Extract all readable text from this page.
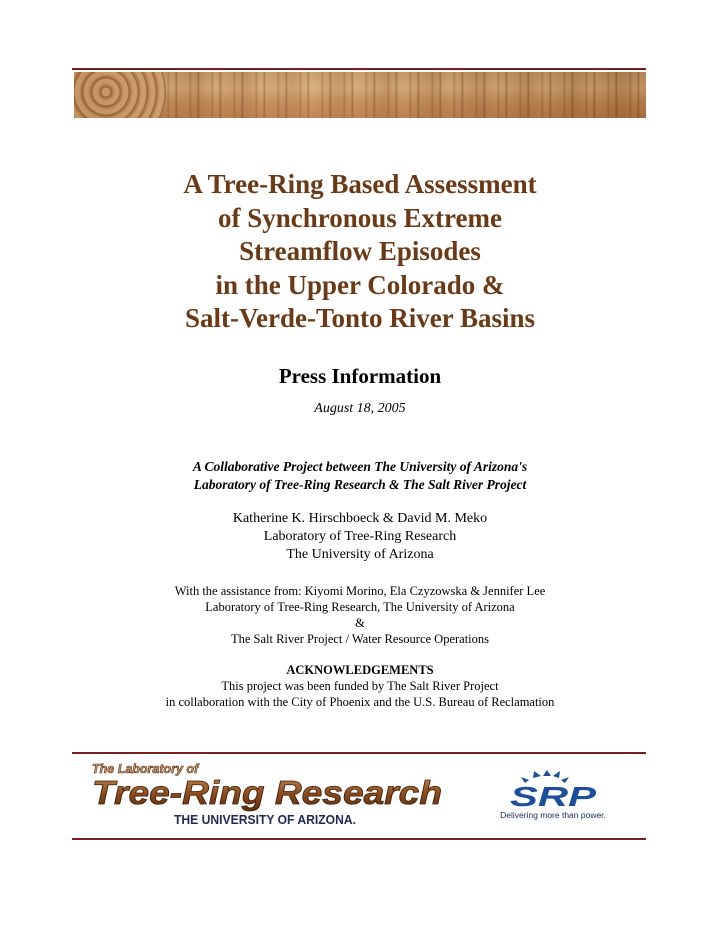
A Tree-Ring Based Assessment
of Synchronous Extreme
Streamflow Episodes
in the Upper Colorado &
Salt-Verde-Tonto River Basins
Press Information

August 18, 2005

A Collaborative Project between The University of Arizona's
Laboratory of Tree-Ring Research & The Salt River Project
Katherine K. Hirschboeck & David M. Meko
Laboratory of Tree-Ring Research
The University of Arizona
With the assistance from: Kiyomi Morino, Ela Czyzowska & Jennifer Lee
Laboratory of Tree-Ring Research, The University of Arizona
&
The Salt River Project / Water Resource Operations
ACKNOWLEDGEMENTS
This project was been funded by The Salt River Project
in collaboration with the City of Phoenix and the U.S. Bureau of Reclamation
The Laboratory of
Tree-Ring Research
THE UNIVERSITY OF ARIZONA.
SRP
Delivering more than power.
